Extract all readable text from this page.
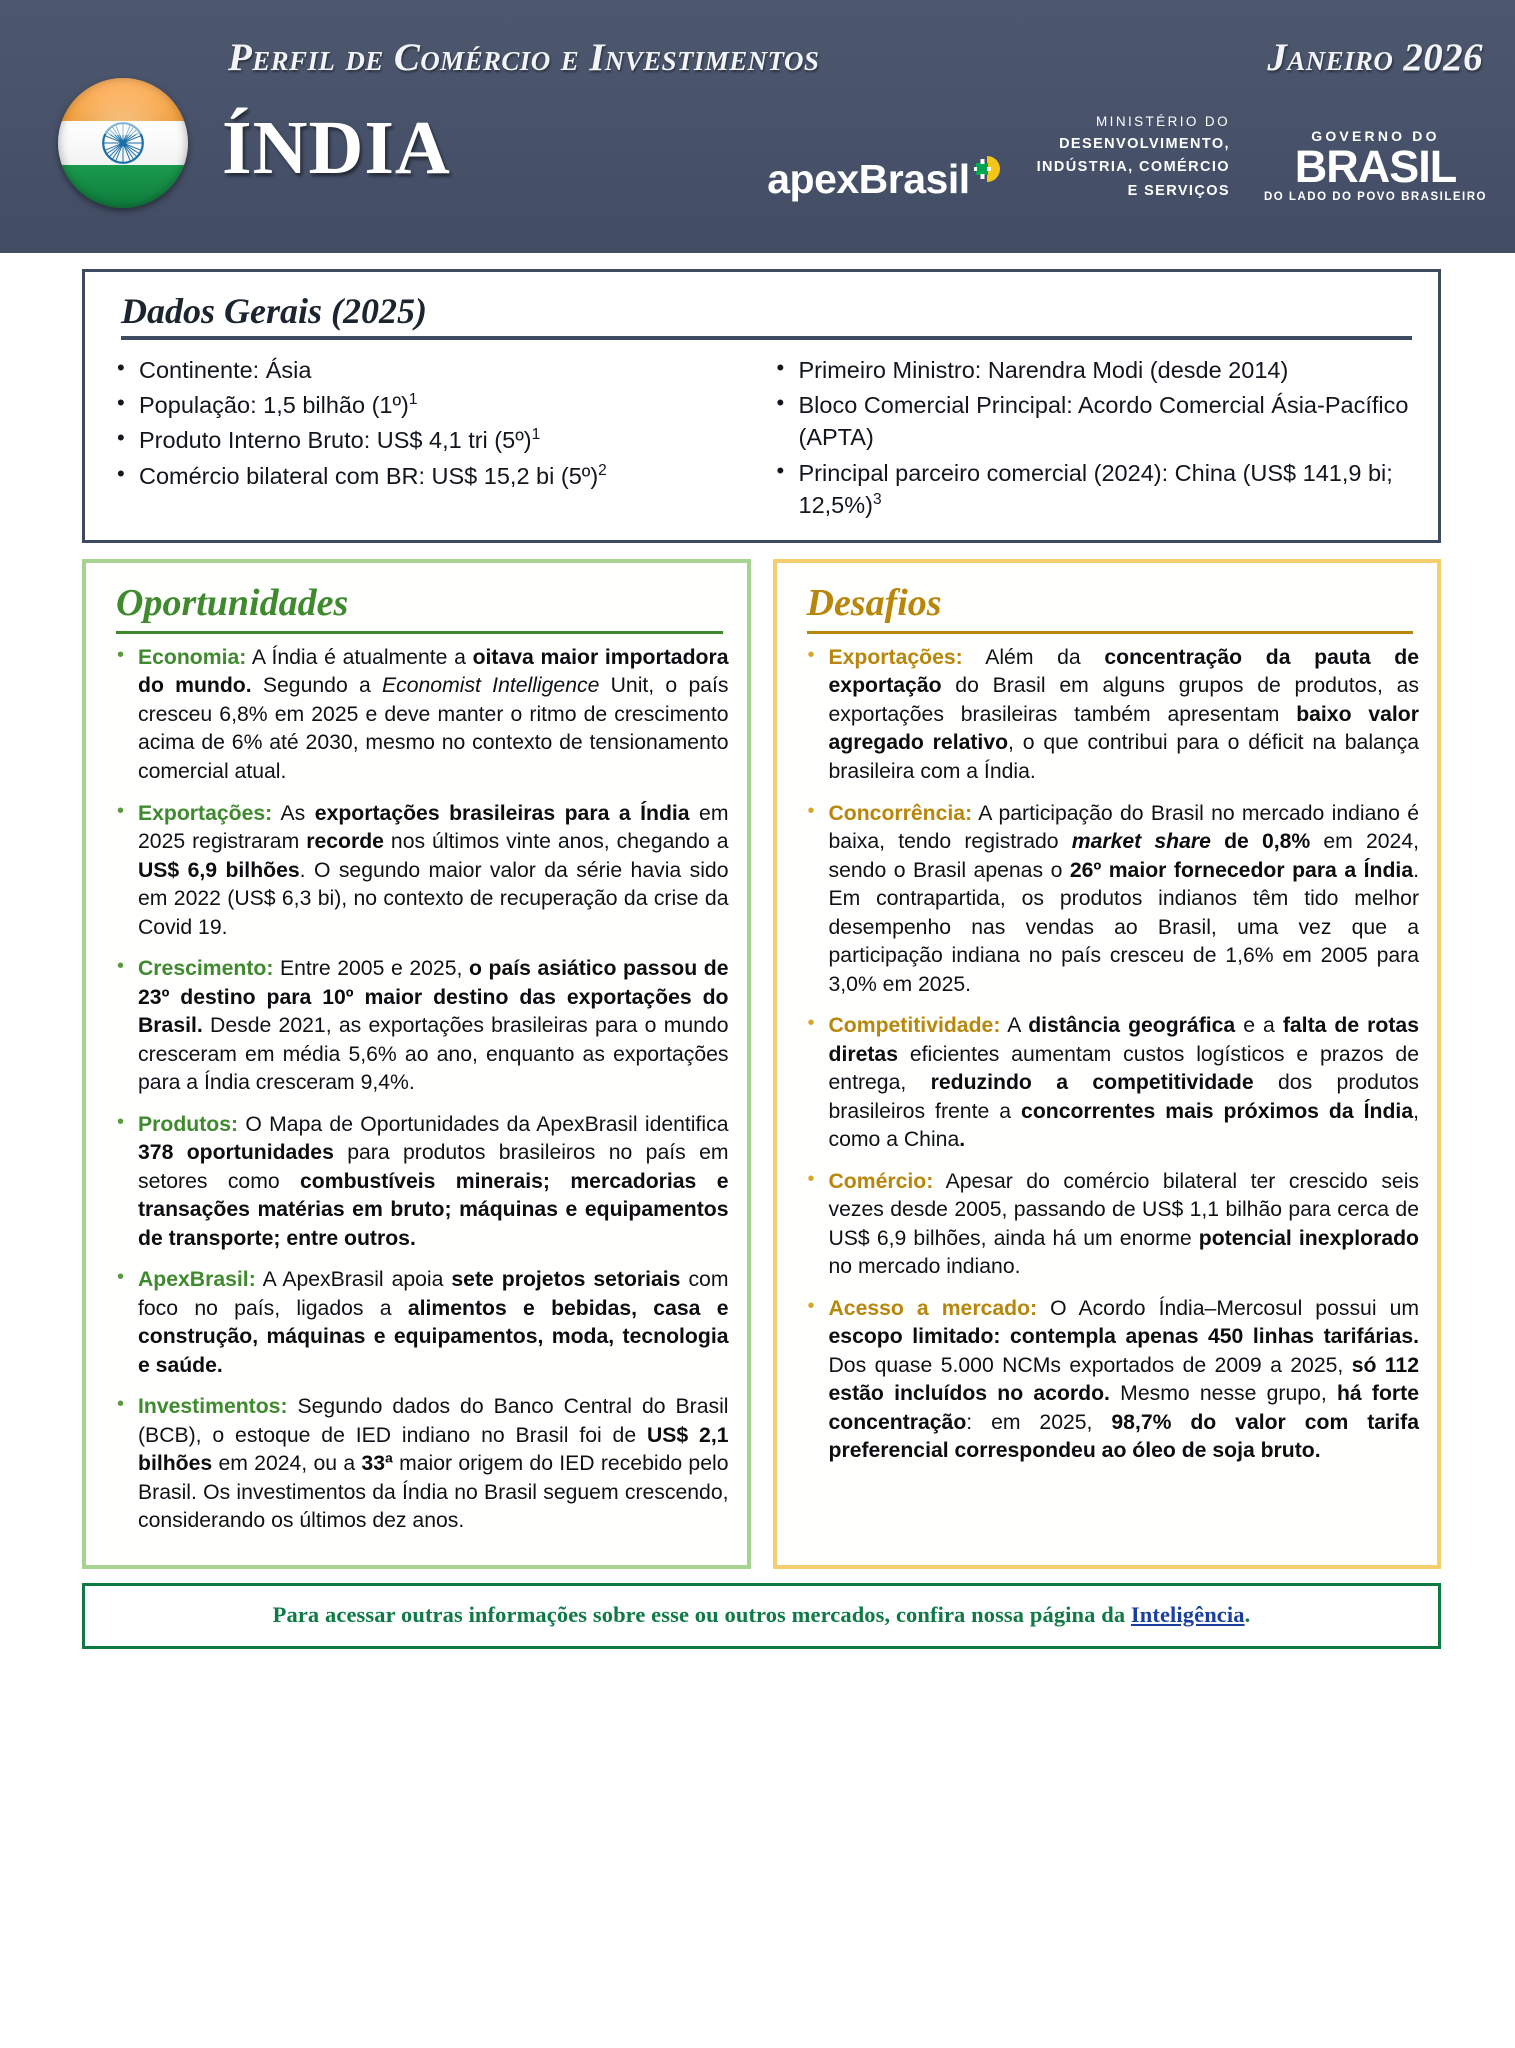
Perfil de Comércio e Investimentos	Janeiro 2026
ÍNDIA	apexBrasil
MINISTÉRIO DO
DESENVOLVIMENTO,
INDÚSTRIA, COMÉRCIO
E SERVIÇOS
GOVERNO DO
BRASIL
DO LADO DO POVO BRASILEIRO
Dados Gerais (2025)
• Continente: Ásia
• População: 1,5 bilhão (1º)$^1$
• Produto Interno Bruto: US$ 4,1 tri (5º)$^1$
• Comércio bilateral com BR: US$ 15,2 bi (5º)$^2$
• Primeiro Ministro: Narendra Modi (desde 2014)
• Bloco Comercial Principal: Acordo Comercial Ásia-Pacífico (APTA)
• Principal parceiro comercial (2024): China (US$ 141,9 bi; 12,5%)$^3$
Oportunidades
• Economia: A Índia é atualmente a oitava maior importadora do mundo. Segundo a Economist Intelligence Unit, o país cresceu 6,8% em 2025 e deve manter o ritmo de crescimento acima de 6% até 2030, mesmo no contexto de tensionamento comercial atual.
• Exportações: As exportações brasileiras para a Índia em 2025 registraram recorde nos últimos vinte anos, chegando a US$ 6,9 bilhões. O segundo maior valor da série havia sido em 2022 (US$ 6,3 bi), no contexto de recuperação da crise da Covid 19.
• Crescimento: Entre 2005 e 2025, o país asiático passou de 23º destino para 10º maior destino das exportações do Brasil. Desde 2021, as exportações brasileiras para o mundo cresceram em média 5,6% ao ano, enquanto as exportações para a Índia cresceram 9,4%.
• Produtos: O Mapa de Oportunidades da ApexBrasil identifica 378 oportunidades para produtos brasileiros no país em setores como combustíveis minerais; mercadorias e transações matérias em bruto; máquinas e equipamentos de transporte; entre outros.
• ApexBrasil: A ApexBrasil apoia sete projetos setoriais com foco no país, ligados a alimentos e bebidas, casa e construção, máquinas e equipamentos, moda, tecnologia e saúde.
• Investimentos: Segundo dados do Banco Central do Brasil (BCB), o estoque de IED indiano no Brasil foi de US$ 2,1 bilhões em 2024, ou a 33ª maior origem do IED recebido pelo Brasil. Os investimentos da Índia no Brasil seguem crescendo, considerando os últimos dez anos.
Desafios
• Exportações: Além da concentração da pauta de exportação do Brasil em alguns grupos de produtos, as exportações brasileiras também apresentam baixo valor agregado relativo, o que contribui para o déficit na balança brasileira com a Índia.
• Concorrência: A participação do Brasil no mercado indiano é baixa, tendo registrado market share de 0,8% em 2024, sendo o Brasil apenas o 26º maior fornecedor para a Índia. Em contrapartida, os produtos indianos têm tido melhor desempenho nas vendas ao Brasil, uma vez que a participação indiana no país cresceu de 1,6% em 2005 para 3,0% em 2025.
• Competitividade: A distância geográfica e a falta de rotas diretas eficientes aumentam custos logísticos e prazos de entrega, reduzindo a competitividade dos produtos brasileiros frente a concorrentes mais próximos da Índia, como a China.
• Comércio: Apesar do comércio bilateral ter crescido seis vezes desde 2005, passando de US$ 1,1 bilhão para cerca de US$ 6,9 bilhões, ainda há um enorme potencial inexplorado no mercado indiano.
• Acesso a mercado: O Acordo Índia–Mercosul possui um escopo limitado: contempla apenas 450 linhas tarifárias. Dos quase 5.000 NCMs exportados de 2009 a 2025, só 112 estão incluídos no acordo. Mesmo nesse grupo, há forte concentração: em 2025, 98,7% do valor com tarifa preferencial correspondeu ao óleo de soja bruto.
Para acessar outras informações sobre esse ou outros mercados, confira nossa página da Inteligência.
